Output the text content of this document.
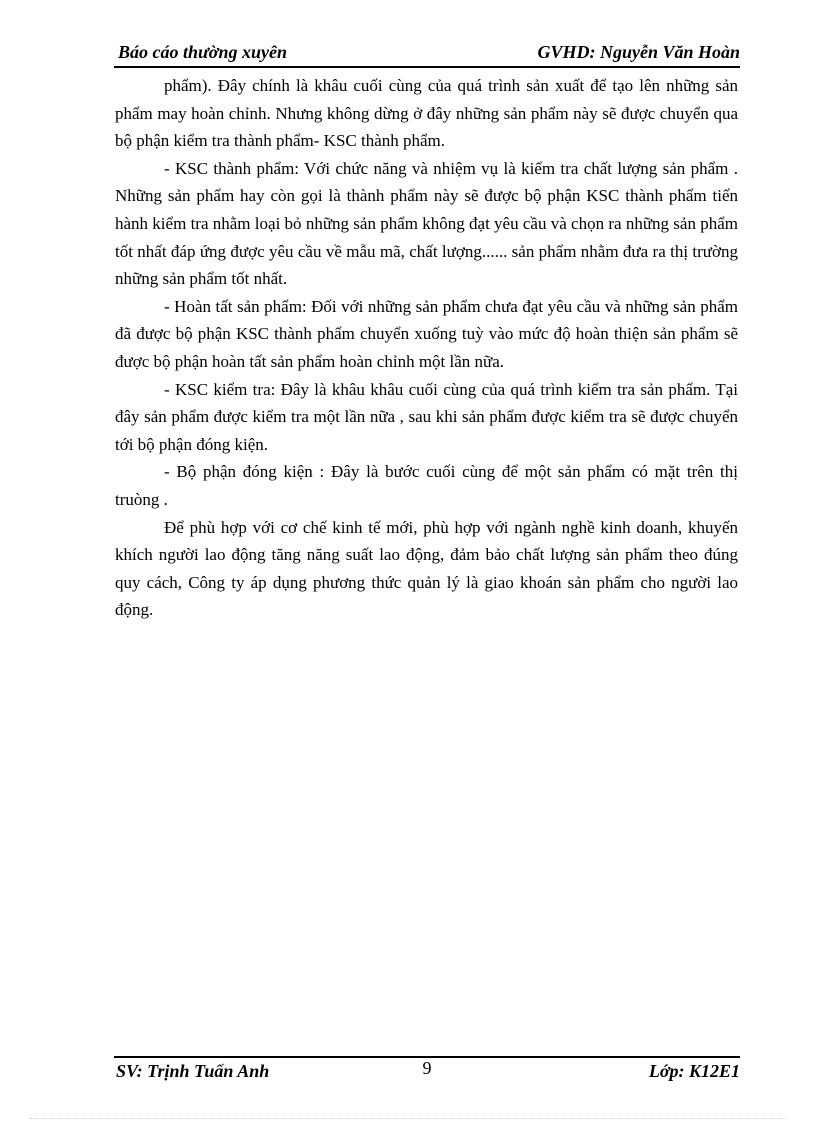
Báo cáo thường xuyên	GVHD: Nguyễn Văn Hoàn

phẩm). Đây chính là khâu cuối cùng của quá trình sản xuất để tạo lên những sản phẩm may hoàn chỉnh. Nhưng không dừng ở đây những sản phẩm này sẽ được chuyển qua bộ phận kiểm tra thành phẩm- KSC thành phẩm.

- KSC thành phẩm: Với chức năng và nhiệm vụ là kiểm tra chất lượng sản phẩm . Những sản phẩm hay còn gọi là thành phẩm này sẽ được bộ phận KSC thành phẩm tiến hành kiểm tra nhằm loại bỏ những sản phẩm không đạt yêu cầu và chọn ra những sản phẩm tốt nhất đáp ứng được yêu cầu về mẫu mã, chất lượng...... sản phẩm nhằm đưa ra thị trường những sản phẩm tốt nhất.

- Hoàn tất sản phẩm: Đối với những sản phẩm chưa đạt yêu cầu và những sản phẩm đã được bộ phận KSC thành phẩm chuyển xuống tuỳ vào mức độ hoàn thiện sản phẩm sẽ được bộ phận hoàn tất sản phẩm hoàn chỉnh một lần nữa.

- KSC kiểm tra: Đây là khâu khâu cuối cùng của quá trình kiểm tra sản phẩm. Tại đây sản phẩm được kiểm tra một lần nữa , sau khi sản phẩm được kiểm tra sẽ được chuyển tới bộ phận đóng kiện.

- Bộ phận đóng kiện : Đây là bước cuối cùng để một sản phẩm có mặt trên thị truòng .

Để phù hợp với cơ chế kinh tế mới, phù hợp với ngành nghề kinh doanh, khuyến khích người lao động tăng năng suất lao động, đảm bảo chất lượng sản phẩm theo đúng quy cách, Công ty áp dụng phương thức quản lý là giao khoán sản phẩm cho người lao động.

SV: Trịnh Tuấn Anh	9	Lớp: K12E1
